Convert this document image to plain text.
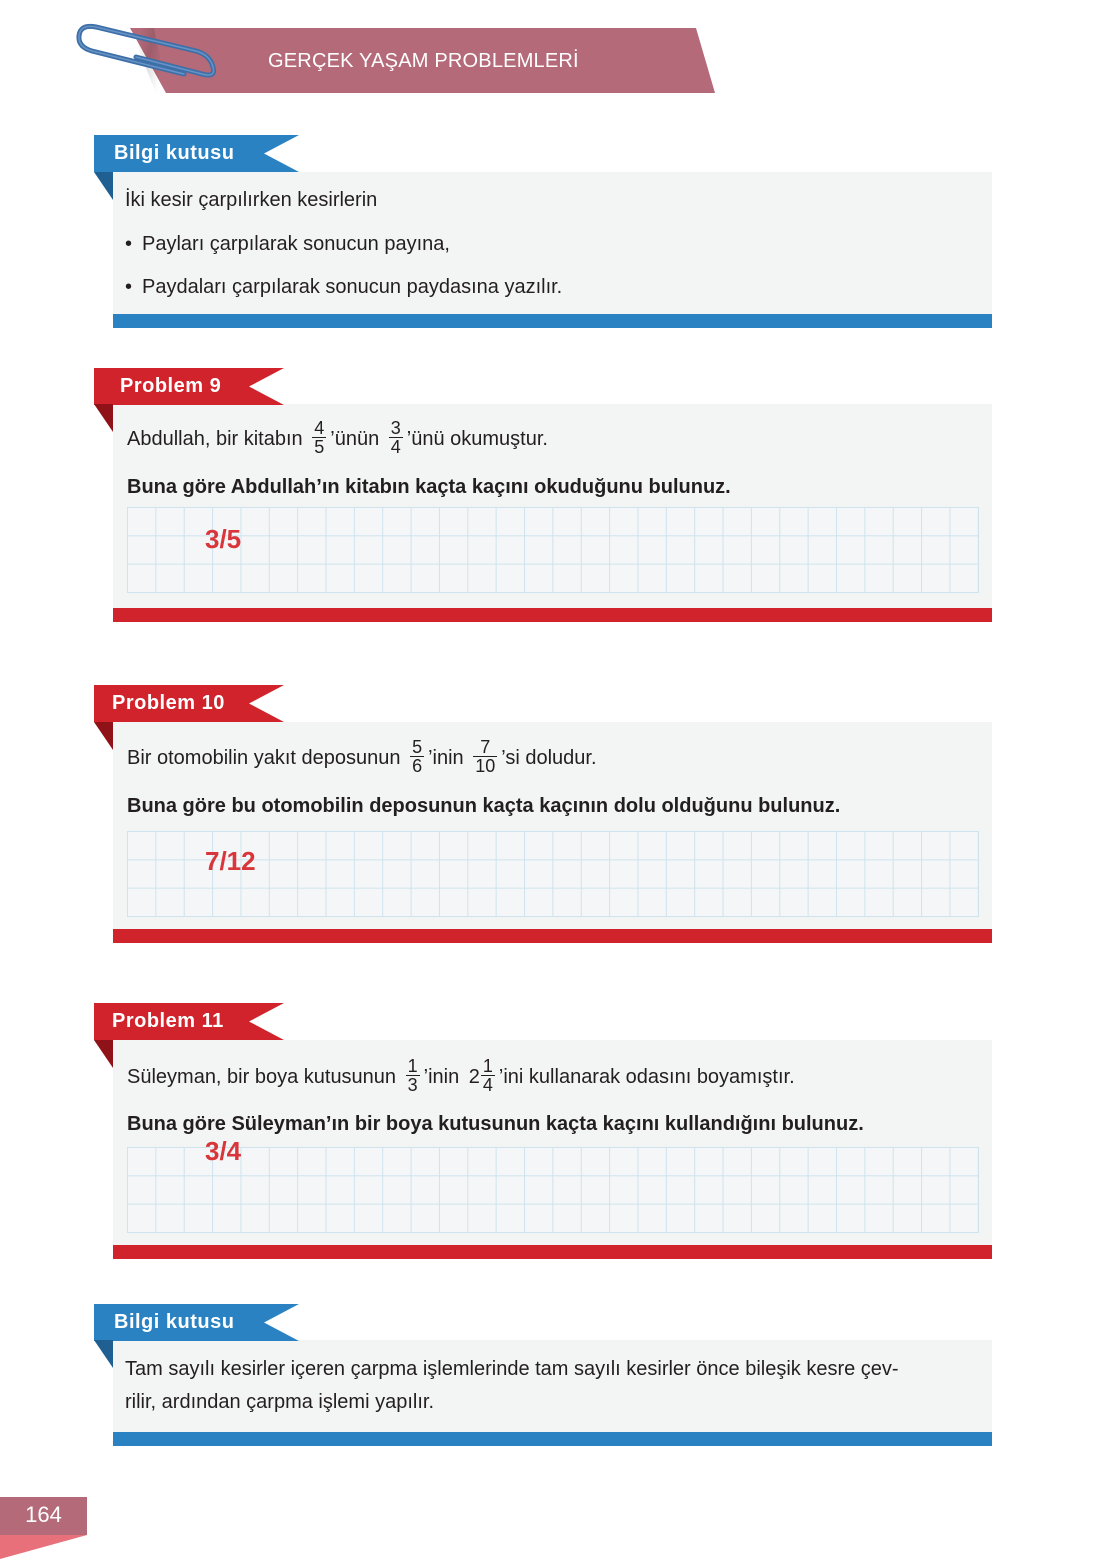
GERÇEK YAŞAM PROBLEMLERİ
Bilgi kutusu
İki kesir çarpılırken kesirlerin
• Payları çarpılarak sonucun payına,
• Paydaları çarpılarak sonucun paydasına yazılır.
Problem 9
Abdullah, bir kitabın $\frac{4}{5}$ ’ünün $\frac{3}{4}$ ’ünü okumuştur.
Buna göre Abdullah’ın kitabın kaçta kaçını okuduğunu bulunuz.
3/5
Problem 10
Bir otomobilin yakıt deposunun $\frac{5}{6}$ ’inin $\frac{7}{10}$ ’si doludur.
Buna göre bu otomobilin deposunun kaçta kaçının dolu olduğunu bulunuz.
7/12
Problem 11
Süleyman, bir boya kutusunun $\frac{1}{3}$ ’inin $2 \frac{1}{4}$ ’ini kullanarak odasını boyamıştır.
Buna göre Süleyman’ın bir boya kutusunun kaçta kaçını kullandığını bulunuz.
3/4
Bilgi kutusu
Tam sayılı kesirler içeren çarpma işlemlerinde tam sayılı kesirler önce bileşik kesre çev-
rilir, ardından çarpma işlemi yapılır.
164
